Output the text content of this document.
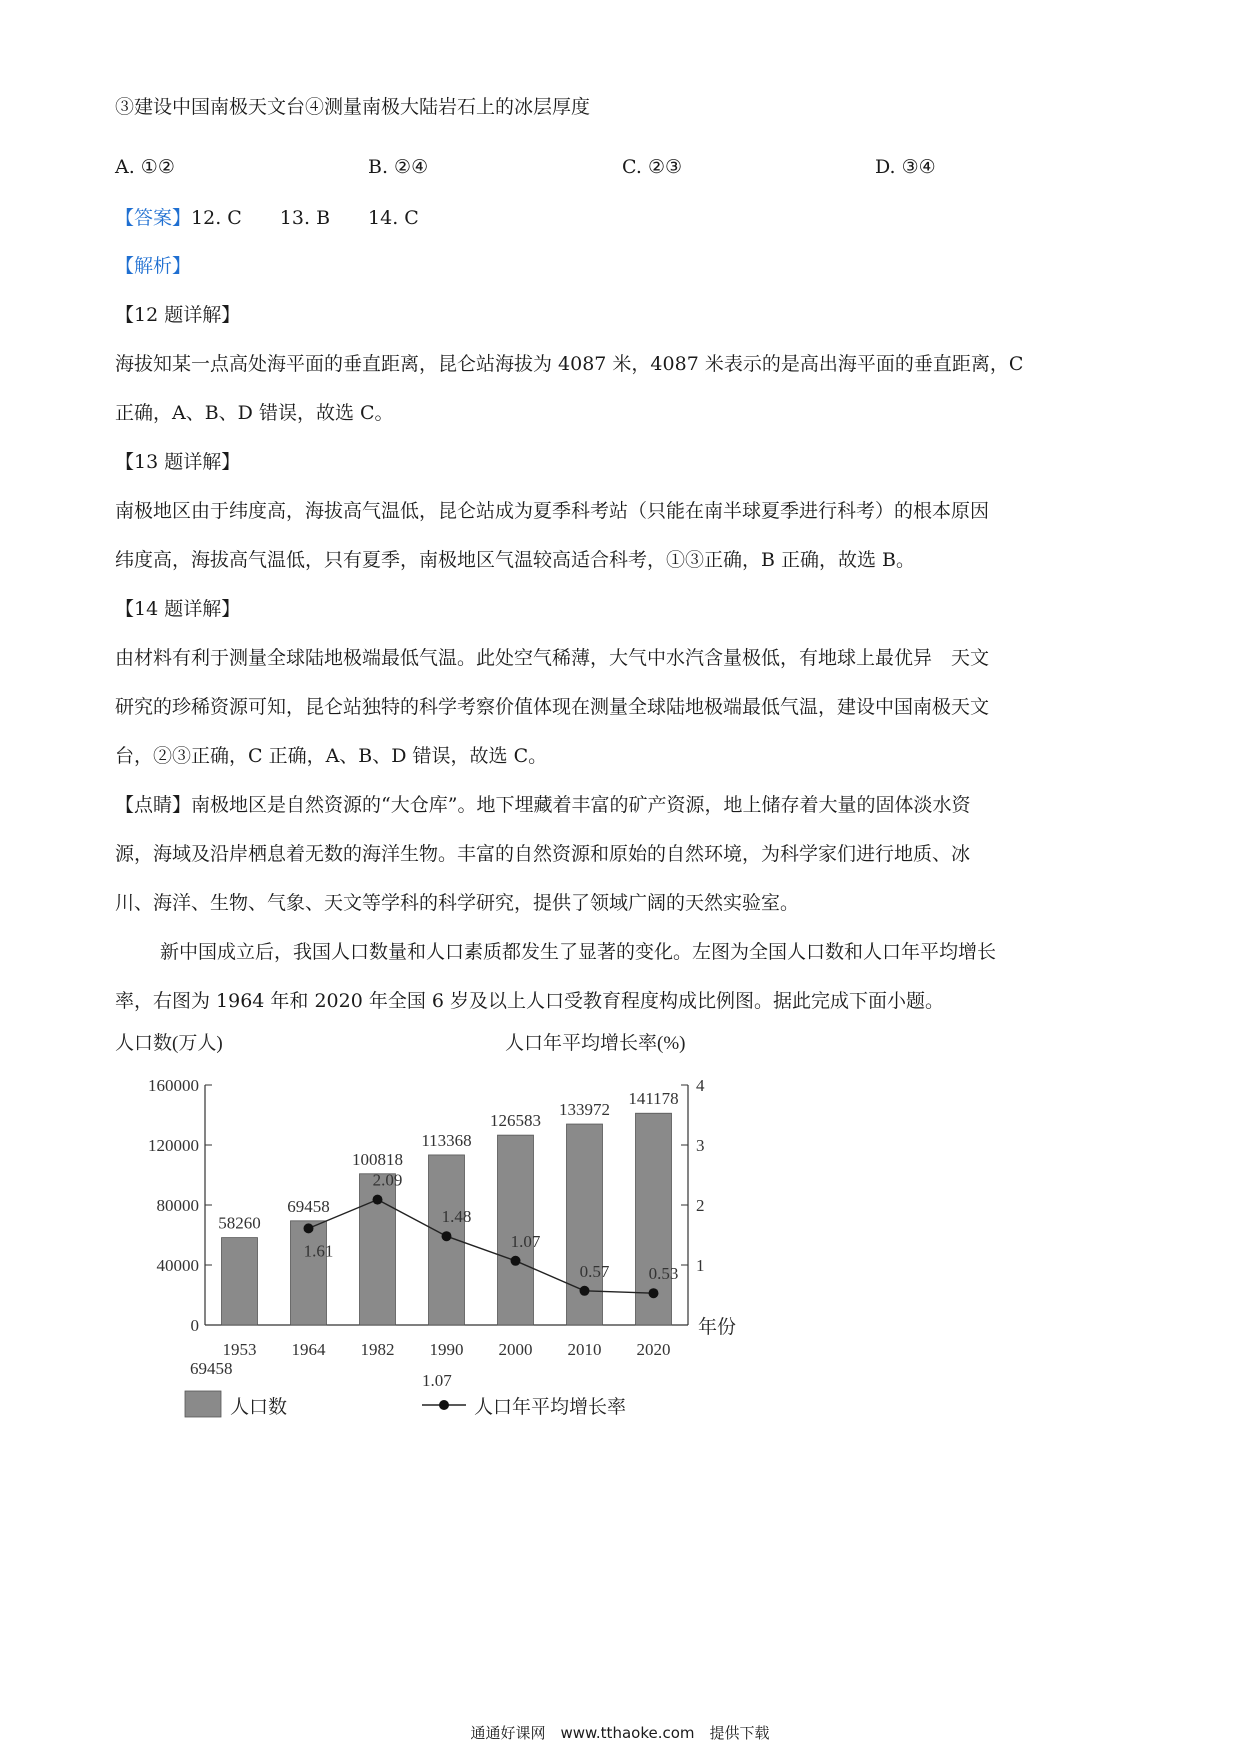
③建设中国南极天文台④测量南极大陆岩石上的冰层厚度
A. ①②	B. ②④	C. ②③	D. ③④
【答案】12. C　　13. B　　14. C
【解析】
【12 题详解】
海拔知某一点高处海平面的垂直距离，昆仑站海拔为 4087 米，4087 米表示的是高出海平面的垂直距离，C
正确，A、B、D 错误，故选 C。
【13 题详解】
南极地区由于纬度高，海拔高气温低，昆仑站成为夏季科考站（只能在南半球夏季进行科考）的根本原因
纬度高，海拔高气温低，只有夏季，南极地区气温较高适合科考，①③正确，B 正确，故选 B。
【14 题详解】
由材料有利于测量全球陆地极端最低气温。此处空气稀薄，大气中水汽含量极低，有地球上最优异　天文
研究的珍稀资源可知，昆仑站独特的科学考察价值体现在测量全球陆地极端最低气温，建设中国南极天文
台，②③正确，C 正确，A、B、D 错误，故选 C。
【点睛】南极地区是自然资源的“大仓库”。地下埋藏着丰富的矿产资源，地上储存着大量的固体淡水资
源，海域及沿岸栖息着无数的海洋生物。丰富的自然资源和原始的自然环境，为科学家们进行地质、冰
川、海洋、生物、气象、天文等学科的科学研究，提供了领域广阔的天然实验室。
新中国成立后，我国人口数量和人口素质都发生了显著的变化。左图为全国人口数和人口年平均增长
率，右图为 1964 年和 2020 年全国 6 岁及以上人口受教育程度构成比例图。据此完成下面小题。
人口数(万人)	人口年平均增长率(%)
0
40000
80000
120000
160000
1
2
3
4
58260
69458
100818
113368
126583
133972
141178
1.61
2.09
1.48
1.07
0.57 0.53
1953 1964 1982 1990 2000 2010 2020
年份
69458
1.07
人口数	人口年平均增长率
通通好课网　www.tthaoke.com　提供下载
